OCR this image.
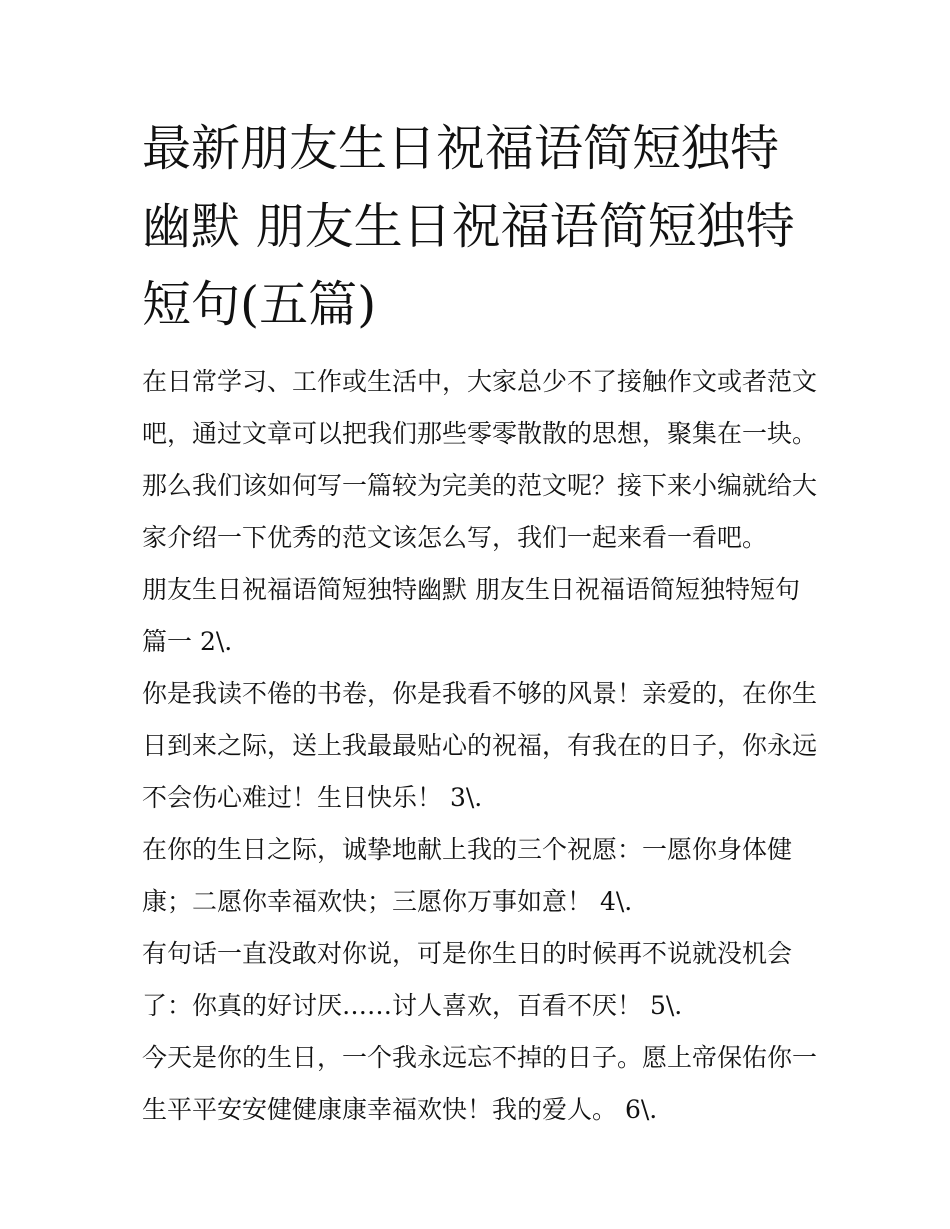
最新朋友生日祝福语简短独特
幽默 朋友生日祝福语简短独特
短句(五篇)

在日常学习、工作或生活中，大家总少不了接触作文或者范文
吧，通过文章可以把我们那些零零散散的思想，聚集在一块。
那么我们该如何写一篇较为完美的范文呢？接下来小编就给大
家介绍一下优秀的范文该怎么写，我们一起来看一看吧。

朋友生日祝福语简短独特幽默 朋友生日祝福语简短独特短句
篇一 2\.

你是我读不倦的书卷，你是我看不够的风景！亲爱的，在你生
日到来之际，送上我最最贴心的祝福，有我在的日子，你永远
不会伤心难过！生日快乐！ 3\.

在你的生日之际，诚挚地献上我的三个祝愿：一愿你身体健
康；二愿你幸福欢快；三愿你万事如意！ 4\.

有句话一直没敢对你说，可是你生日的时候再不说就没机会
了：你真的好讨厌……讨人喜欢，百看不厌！ 5\.

今天是你的生日，一个我永远忘不掉的日子。愿上帝保佑你一
生平平安安健健康康幸福欢快！我的爱人。 6\.
